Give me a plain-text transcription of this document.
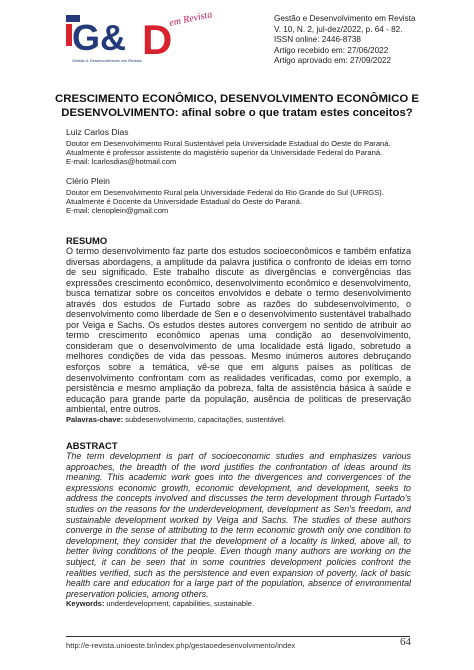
G& D
em Revista
Gestão & Desenvolvimento em Revista
Gestão e Desenvolvimento em Revista
V. 10, N. 2, jul-dez/2022, p. 64 - 82.
ISSN online: 2446-8738
Artigo recebido em: 27/06/2022
Artigo aprovado em: 27/09/2022
CRESCIMENTO ECONÔMICO, DESENVOLVIMENTO ECONÔMICO E
DESENVOLVIMENTO: afinal sobre o que tratam estes conceitos?
Luiz Carlos Dias
Doutor em Desenvolvimento Rural Sustentável pela Universidade Estadual do Oeste do Paraná.
Atualmente é professor assistente do magistério superior da Universidade Federal do Paraná.
E-mail: lcarlosdias@hotmail.com
Clério Plein
Doutor em Desenvolvimento Rural pela Universidade Federal do Rio Grande do Sul (UFRGS).
Atualmente é Docente da Universidade Estadual do Oeste do Paraná.
E-mail: clerioplein@gmail.com
RESUMO

O termo desenvolvimento faz parte dos estudos socioeconômicos e também enfatiza diversas abordagens, a amplitude da palavra justifica o confronto de ideias em torno de seu significado. Este trabalho discute as divergências e convergências das expressões crescimento econômico, desenvolvimento econômico e desenvolvimento, busca tematizar sobre os conceitos envolvidos e debate o termo desenvolvimento através dos estudos de Furtado sobre as razões do subdesenvolvimento, o desenvolvimento como liberdade de Sen e o desenvolvimento sustentável trabalhado por Veiga e Sachs. Os estudos destes autores convergem no sentido de atribuir ao termo crescimento econômico apenas uma condição ao desenvolvimento, consideram que o desenvolvimento de uma localidade está ligado, sobretudo a melhores condições de vida das pessoas. Mesmo inúmeros autores debruçando esforços sobre a temática, vê-se que em alguns países as políticas de desenvolvimento confrontam com as realidades verificadas, como por exemplo, a persistência e mesmo ampliação da pobreza, falta de assistência básica à saúde e educação para grande parte da população, ausência de políticas de preservação ambiental, entre outros.

Palavras-chave: subdesenvolvimento, capacitações, sustentável.

ABSTRACT

The term development is part of socioeconomic studies and emphasizes various approaches, the breadth of the word justifies the confrontation of ideas around its meaning. This academic work goes into the divergences and convergences of the expressions economic growth, economic development, and development, seeks to address the concepts involved and discusses the term development through Furtado's studies on the reasons for the underdevelopment, development as Sen's freedom, and sustainable development worked by Veiga and Sachs. The studies of these authors converge in the sense of attributing to the term economic growth only one condition to development, they consider that the development of a locality is linked, above all, to better living conditions of the people. Even though many authors are working on the subject, it can be seen that in some countries development policies confront the realities verified, such as the persistence and even expansion of poverty, lack of basic health care and education for a large part of the population, absence of environmental preservation policies, among others.

Keywords: underdevelopment, capabilities, sustainable.

http://e-revista.unioeste.br/index.php/gestaoedesenvolvimento/index	64
